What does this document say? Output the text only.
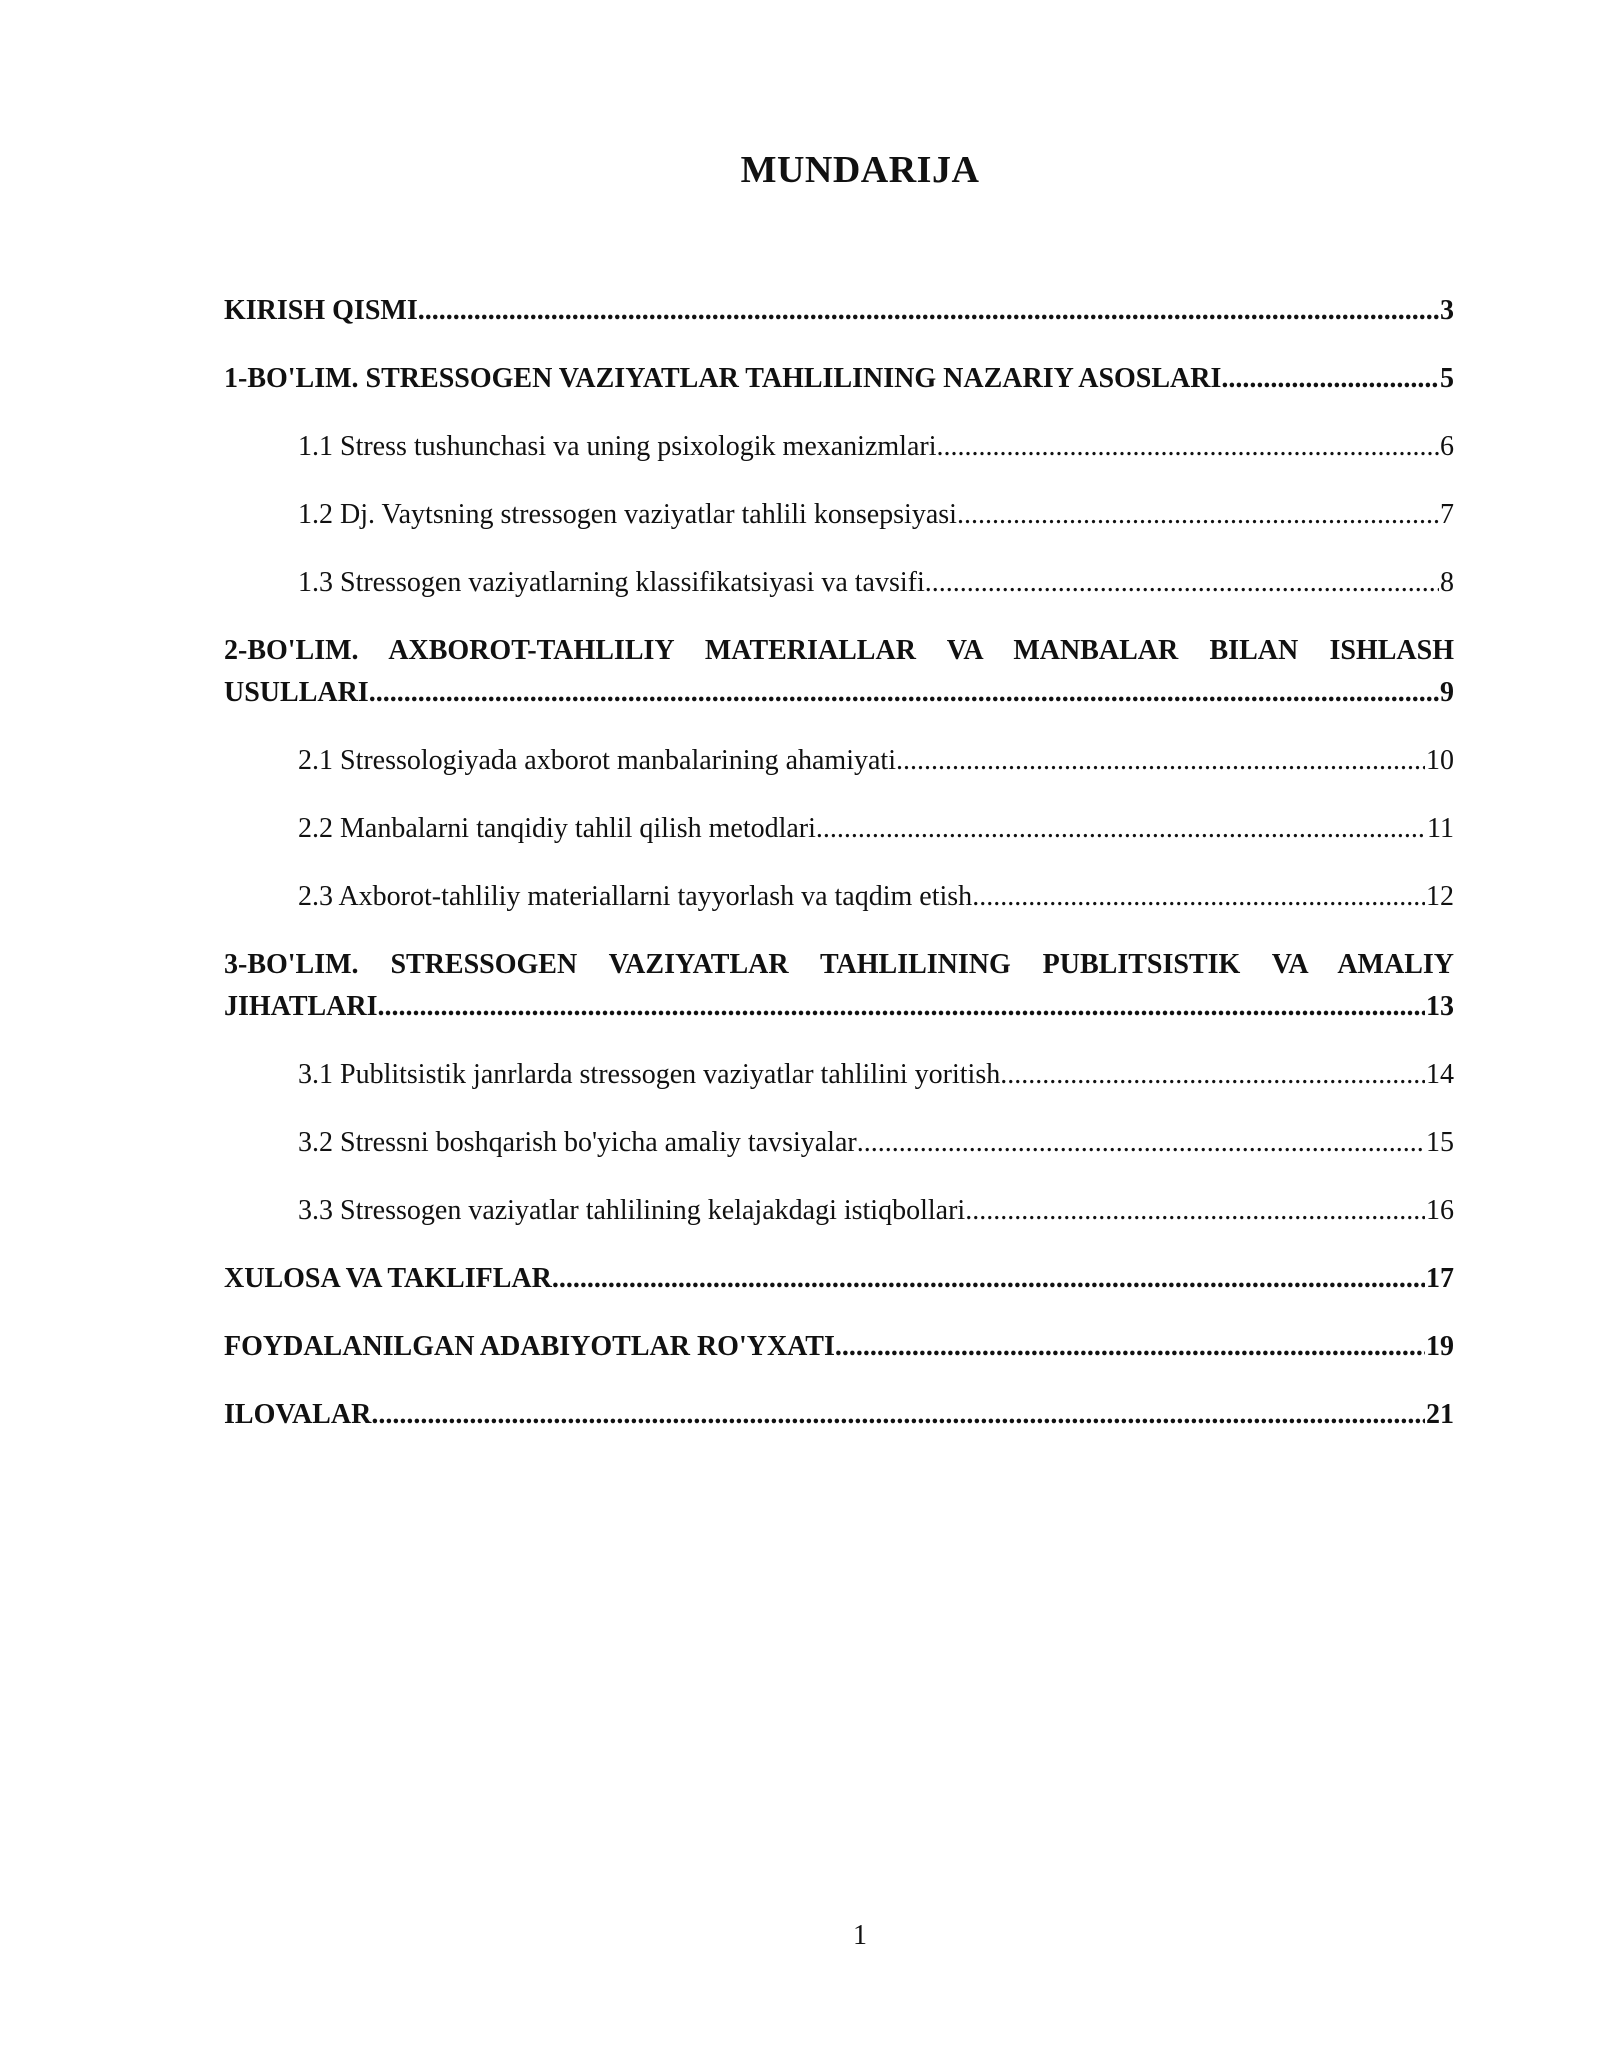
MUNDARIJA
KIRISH QISMI .....	3
1-BO'LIM. STRESSOGEN VAZIYATLAR TAHLILINING NAZARIY ASOSLARI .....	5
1.1 Stress tushunchasi va uning psixologik mexanizmlari .....	6
1.2 Dj. Vaytsning stressogen vaziyatlar tahlili konsepsiyasi .....	7
1.3 Stressogen vaziyatlarning klassifikatsiyasi va tavsifi .....	8
2-BO'LIM. AXBOROT-TAHLILIY MATERIALLAR VA MANBALAR BILAN ISHLASH
USULLARI .....	9
2.1 Stressologiyada axborot manbalarining ahamiyati .....	10
2.2 Manbalarni tanqidiy tahlil qilish metodlari .....	11
2.3 Axborot-tahliliy materiallarni tayyorlash va taqdim etish .....	12
3-BO'LIM. STRESSOGEN VAZIYATLAR TAHLILINING PUBLITSISTIK VA AMALIY
JIHATLARI .....	13
3.1 Publitsistik janrlarda stressogen vaziyatlar tahlilini yoritish .....	14
3.2 Stressni boshqarish bo'yicha amaliy tavsiyalar .....	15
3.3 Stressogen vaziyatlar tahlilining kelajakdagi istiqbollari .....	16
XULOSA VA TAKLIFLAR .....	17
FOYDALANILGAN ADABIYOTLAR RO'YXATI .....	19
ILOVALAR .....	21
1
